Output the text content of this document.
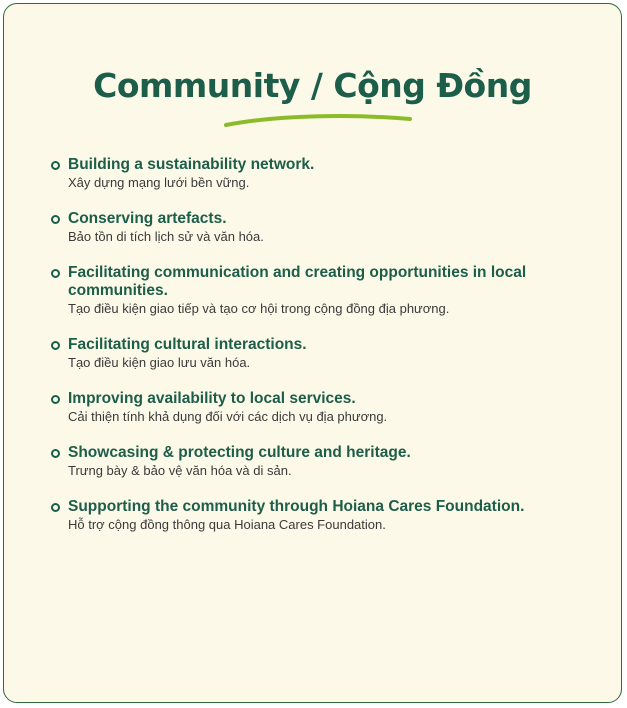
Community / Cộng Đồng
Building a sustainability network.
Xây dựng mạng lưới bền vững.
Conserving artefacts.
Bảo tồn di tích lịch sử và văn hóa.
Facilitating communication and creating opportunities in local communities.
Tạo điều kiện giao tiếp và tạo cơ hội trong cộng đồng địa phương.
Facilitating cultural interactions.
Tạo điều kiện giao lưu văn hóa.
Improving availability to local services.
Cải thiện tính khả dụng đối với các dịch vụ địa phương.
Showcasing & protecting culture and heritage.
Trưng bày & bảo vệ văn hóa và di sản.
Supporting the community through Hoiana Cares Foundation.
Hỗ trợ cộng đồng thông qua Hoiana Cares Foundation.
